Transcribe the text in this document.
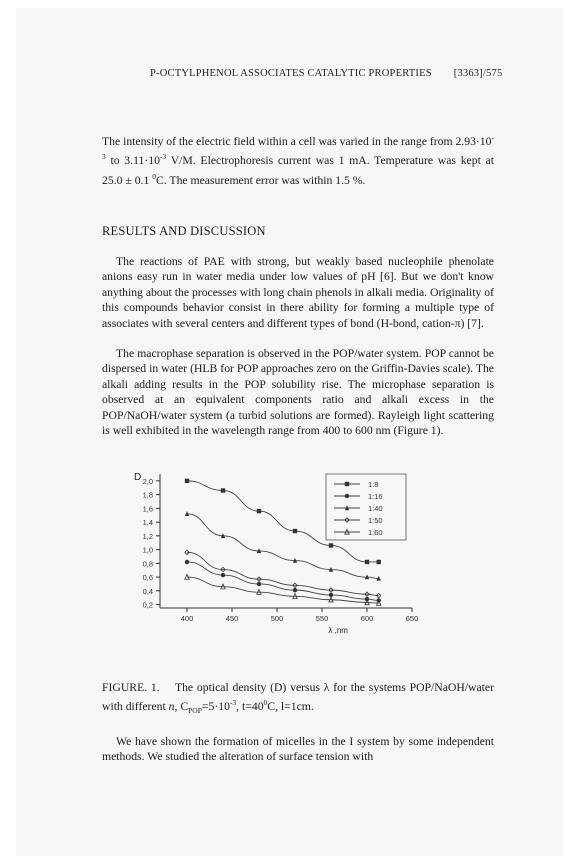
P-OCTYLPHENOL ASSOCIATES CATALYTIC PROPERTIES [3363]/575
The intensity of the electric field within a cell was varied in the range from $2.93\cdot 10^{-3}$ to $3.11\cdot 10^{-3}$ V/M. Electrophoresis current was 1 mA. Temperature was kept at 25.0 ± 0.1 $^0$C. The measurement error was within 1.5 %.
RESULTS AND DISCUSSION
The reactions of PAE with strong, but weakly based nucleophile phenolate anions easy run in water media under low values of pH [6]. But we don't know anything about the processes with long chain phenols in alkali media. Originality of this compounds behavior consist in there ability for forming a multiple type of associates with several centers and different types of bond (H-bond, cation-π) [7].
The macrophase separation is observed in the POP/water system. POP cannot be dispersed in water (HLB for POP approaches zero on the Griffin-Davies scale). The alkali adding results in the POP solubility rise. The microphase separation is observed at an equivalent components ratio and alkali excess in the POP/NaOH/water system (a turbid solutions are formed). Rayleigh light scattering is well exhibited in the wavelength range from 400 to 600 nm (Figure 1).
0,2
0,4
0,6
0,8
1,0
1,2
1,4
1,6
1,8
2,0
400	450	500	550	600	650
D
λ ,nm
1:8
1:16
1:40
1:50
1:60
FIGURE. 1. The optical density (D) versus λ for the systems POP/NaOH/water with different n, $C_{POP}=5\cdot 10^{-3}$, $t=40^0C$, l=1cm.
We have shown the formation of micelles in the I system by some independent methods. We studied the alteration of surface tension with
